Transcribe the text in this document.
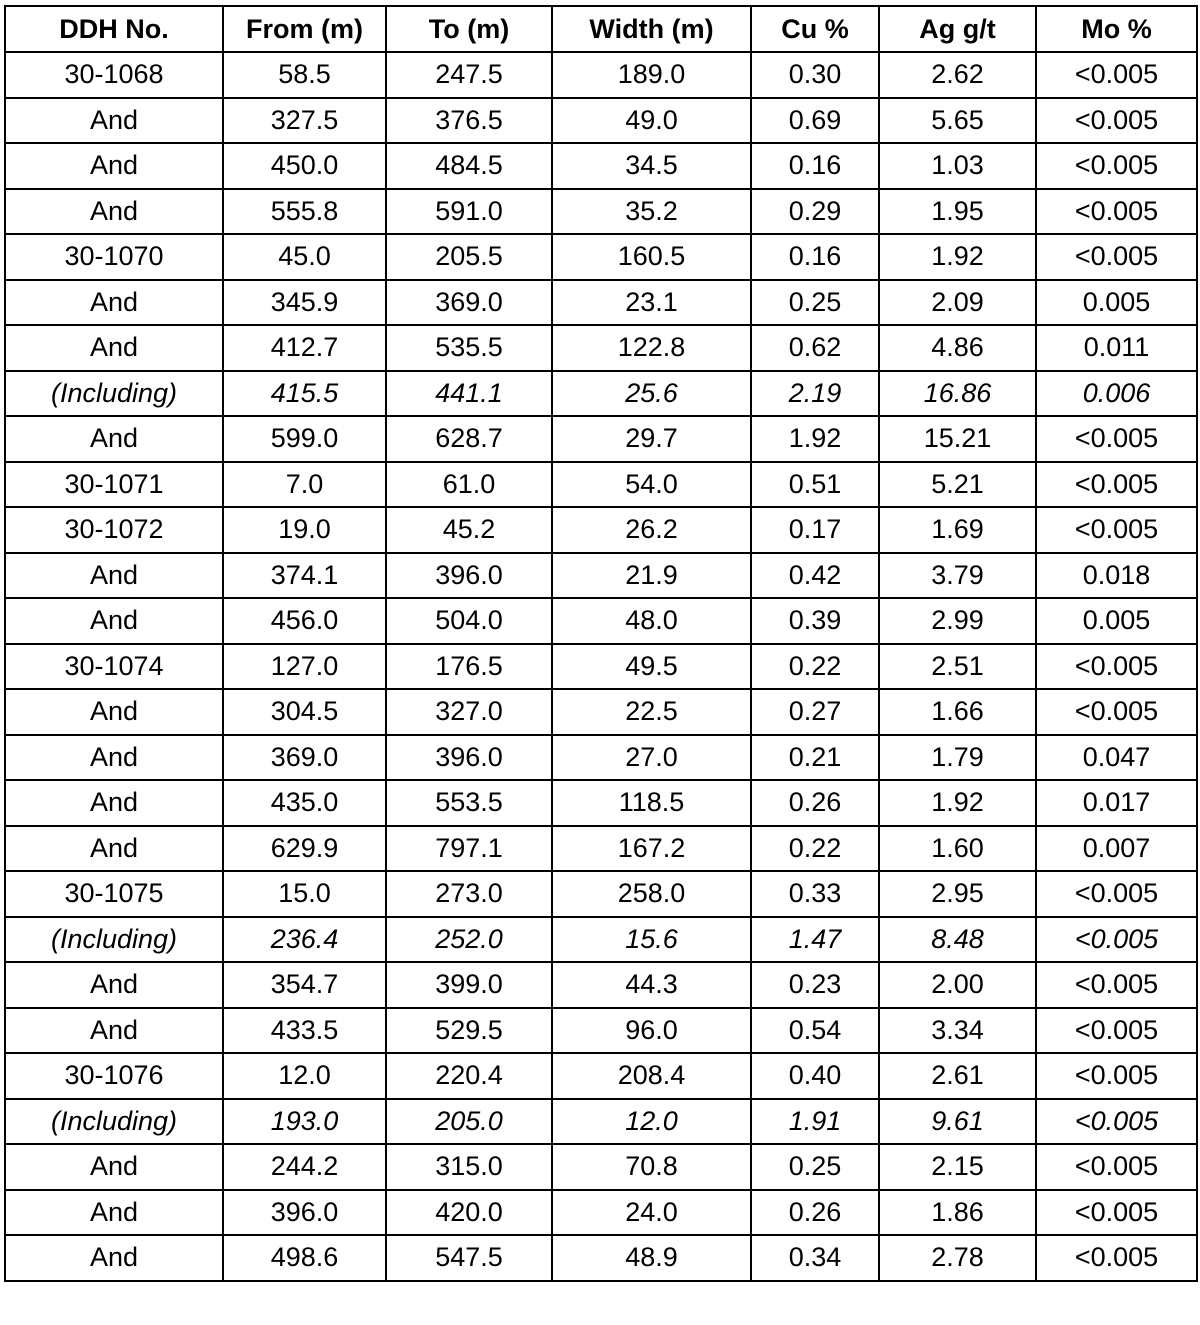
DDH No.	From (m)	To (m)	Width (m)	Cu %	Ag g/t	Mo %
30-1068	58.5	247.5	189.0	0.30	2.62	<0.005
And	327.5	376.5	49.0	0.69	5.65	<0.005
And	450.0	484.5	34.5	0.16	1.03	<0.005
And	555.8	591.0	35.2	0.29	1.95	<0.005
30-1070	45.0	205.5	160.5	0.16	1.92	<0.005
And	345.9	369.0	23.1	0.25	2.09	0.005
And	412.7	535.5	122.8	0.62	4.86	0.011
(Including)	415.5	441.1	25.6	2.19	16.86	0.006
And	599.0	628.7	29.7	1.92	15.21	<0.005
30-1071	7.0	61.0	54.0	0.51	5.21	<0.005
30-1072	19.0	45.2	26.2	0.17	1.69	<0.005
And	374.1	396.0	21.9	0.42	3.79	0.018
And	456.0	504.0	48.0	0.39	2.99	0.005
30-1074	127.0	176.5	49.5	0.22	2.51	<0.005
And	304.5	327.0	22.5	0.27	1.66	<0.005
And	369.0	396.0	27.0	0.21	1.79	0.047
And	435.0	553.5	118.5	0.26	1.92	0.017
And	629.9	797.1	167.2	0.22	1.60	0.007
30-1075	15.0	273.0	258.0	0.33	2.95	<0.005
(Including)	236.4	252.0	15.6	1.47	8.48	<0.005
And	354.7	399.0	44.3	0.23	2.00	<0.005
And	433.5	529.5	96.0	0.54	3.34	<0.005
30-1076	12.0	220.4	208.4	0.40	2.61	<0.005
(Including)	193.0	205.0	12.0	1.91	9.61	<0.005
And	244.2	315.0	70.8	0.25	2.15	<0.005
And	396.0	420.0	24.0	0.26	1.86	<0.005
And	498.6	547.5	48.9	0.34	2.78	<0.005
